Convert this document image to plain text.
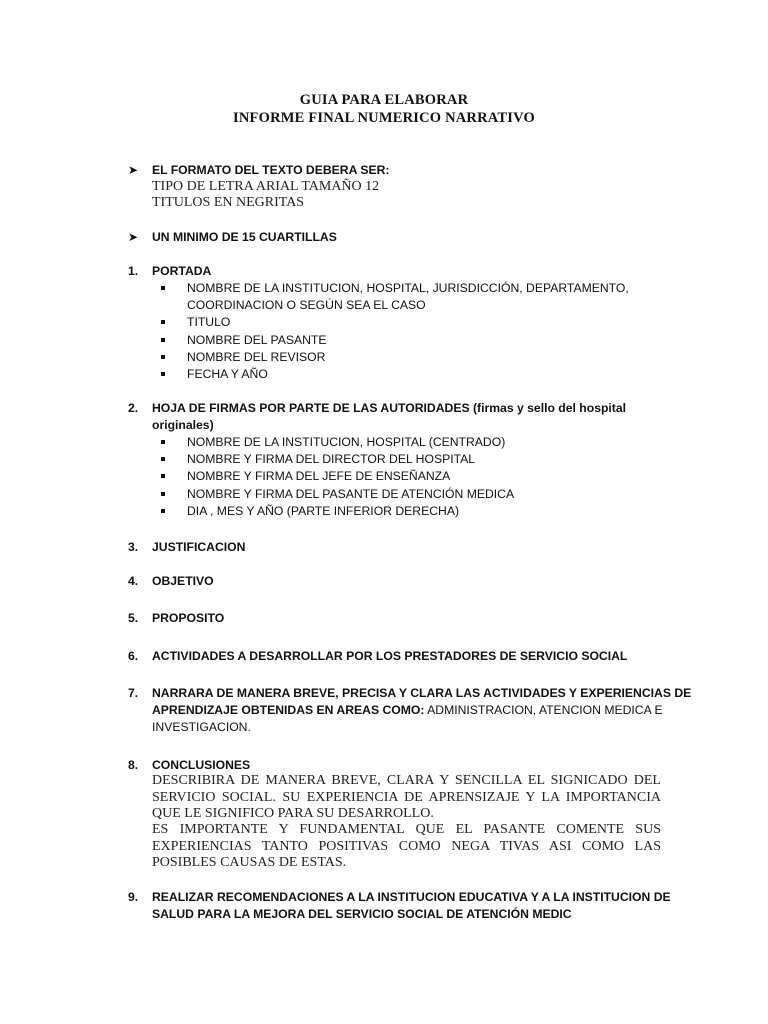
GUIA PARA ELABORAR
INFORME FINAL NUMERICO NARRATIVO
➤ EL FORMATO DEL TEXTO DEBERA SER:
TIPO DE LETRA ARIAL TAMAÑO 12
TITULOS EN NEGRITAS
➤ UN MINIMO DE 15 CUARTILLAS
1. PORTADA
NOMBRE DE LA INSTITUCION, HOSPITAL, JURISDICCIÓN, DEPARTAMENTO,
COORDINACION O SEGÚN SEA EL CASO
TITULO
NOMBRE DEL PASANTE
NOMBRE DEL REVISOR
FECHA Y AÑO
2. HOJA DE FIRMAS POR PARTE DE LAS AUTORIDADES (firmas y sello del hospital
originales)
NOMBRE DE LA INSTITUCION, HOSPITAL (CENTRADO)
NOMBRE Y FIRMA DEL DIRECTOR DEL HOSPITAL
NOMBRE Y FIRMA DEL JEFE DE ENSEÑANZA
NOMBRE Y FIRMA DEL PASANTE DE ATENCIÓN MEDICA
DIA , MES Y AÑO (PARTE INFERIOR DERECHA)
3. JUSTIFICACION
4. OBJETIVO
5. PROPOSITO
6. ACTIVIDADES A DESARROLLAR POR LOS PRESTADORES DE SERVICIO SOCIAL
7. NARRARA DE MANERA BREVE, PRECISA Y CLARA LAS ACTIVIDADES Y EXPERIENCIAS DE
APRENDIZAJE OBTENIDAS EN AREAS COMO: ADMINISTRACION, ATENCION MEDICA E
INVESTIGACION.
8. CONCLUSIONES
DESCRIBIRA DE MANERA BREVE, CLARA Y SENCILLA EL SIGNICADO DEL
SERVICIO SOCIAL. SU EXPERIENCIA DE APRENSIZAJE Y LA IMPORTANCIA
QUE LE SIGNIFICO PARA SU DESARROLLO.
ES IMPORTANTE Y FUNDAMENTAL QUE EL PASANTE COMENTE SUS
EXPERIENCIAS TANTO POSITIVAS COMO NEGA TIVAS ASI COMO LAS
POSIBLES CAUSAS DE ESTAS.
9. REALIZAR RECOMENDACIONES A LA INSTITUCION EDUCATIVA Y A LA INSTITUCION DE
SALUD PARA LA MEJORA DEL SERVICIO SOCIAL DE ATENCIÓN MEDIC
